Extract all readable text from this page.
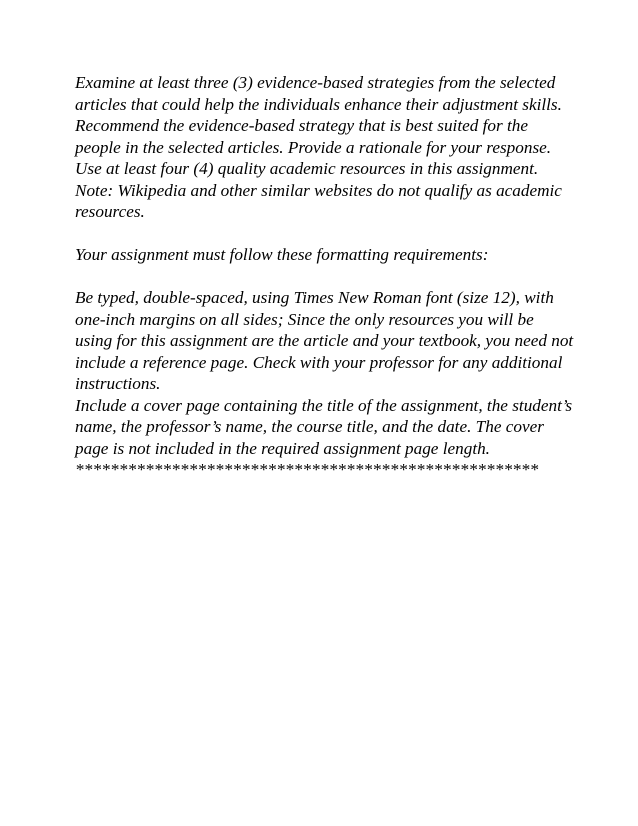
Examine at least three (3) evidence-based strategies from the selected
articles that could help the individuals enhance their adjustment skills.
Recommend the evidence-based strategy that is best suited for the
people in the selected articles. Provide a rationale for your response.
Use at least four (4) quality academic resources in this assignment.
Note: Wikipedia and other similar websites do not qualify as academic
resources.
Your assignment must follow these formatting requirements:
Be typed, double-spaced, using Times New Roman font (size 12), with
one-inch margins on all sides; Since the only resources you will be
using for this assignment are the article and your textbook, you need not
include a reference page. Check with your professor for any additional
instructions.
Include a cover page containing the title of the assignment, the student’s
name, the professor’s name, the course title, and the date. The cover
page is not included in the required assignment page length.
*****************************************************
